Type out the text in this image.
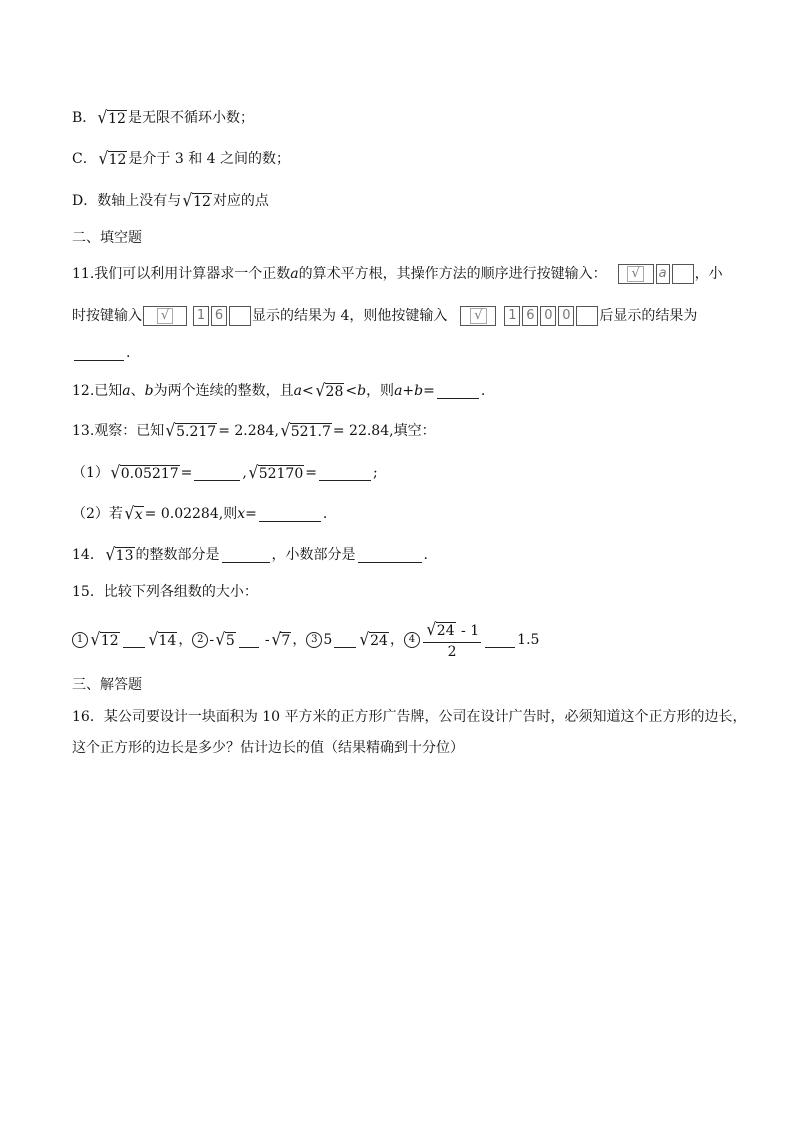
B． √ 12 是无限不循环小数；
C． √ 12 是介于 3 和 4 之间的数；
D． 数轴上没有与 √ 12 对应的点
二、填空题
11.我们可以利用计算器求一个正数 a 的算术平方根，其操作方法的顺序进行按键输入：	√	a ，小
时按键输入	√	1 6 显示的结果为 4，则他按键输入	√	1 6 0 0 后显示的结果为
.
12.已知 a 、 b 为两个连续的整数，且 a < √ 28 < b ，则 a+b =	.
13.观察：已知 √ 5.217 = 2.284, √ 521.7 = 22.84, 填空：
（1） √ 0.05217 =	, √ 52170 =	;
（2）若 √ x = 0.02284,则 x =	.
14． √ 13 的整数部分是	，小数部分是	.
15．比较下列各组数的大小：
1 √ 12 √ 14 ， 2 - √ 5 - √ 7 ， 3 5 √ 24 ， $4 \frac{√ 24 - 1}{2}$	1.5
三、解答题
16．某公司要设计一块面积为 10 平方米的正方形广告牌，公司在设计广告时，必须知道这个正方形的边长，
这个正方形的边长是多少？估计边长的值（结果精确到十分位）
